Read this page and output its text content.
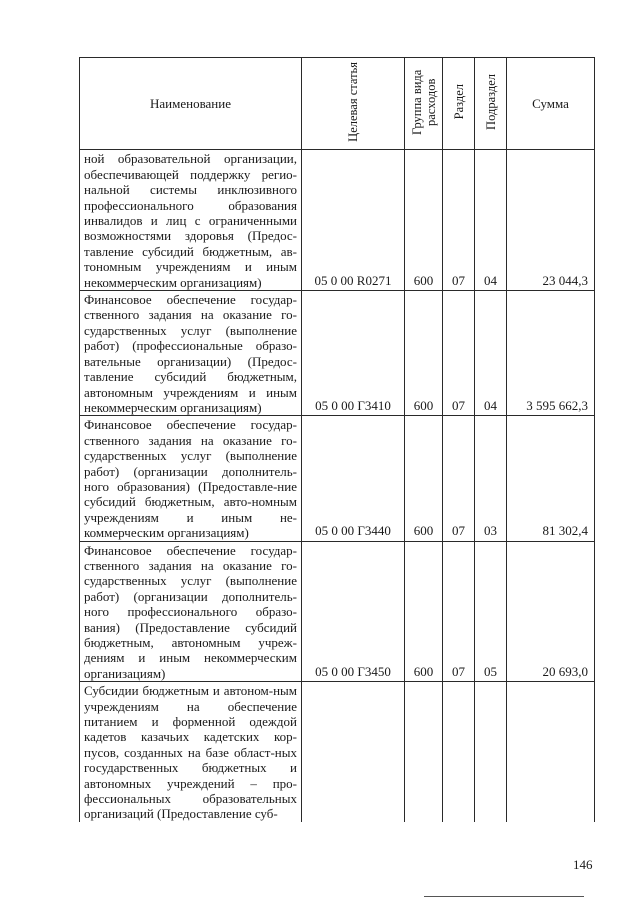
Наименование	Целевая статья	Группа вида расходов	Раздел	Подраздел	Сумма

ной образовательной организации, обеспечивающей поддержку регио-нальной системы инклюзивного профессионального образования инвалидов и лиц с ограниченными возможностями здоровья (Предос-тавление субсидий бюджетным, ав-тономным учреждениям и иным некоммерческим организациям)	05 0 00 R0271	600	07	04	23 044,3

Финансовое обеспечение государ-ственного задания на оказание го-сударственных услуг (выполнение работ) (профессиональные образо-вательные организации) (Предос-тавление субсидий бюджетным, автономным учреждениям и иным некоммерческим организациям)	05 0 00 Г3410	600	07	04	3 595 662,3

Финансовое обеспечение государ-ственного задания на оказание го-сударственных услуг (выполнение работ) (организации дополнитель-ного образования) (Предоставле-ние субсидий бюджетным, авто-номным учреждениям и иным не-коммерческим организациям)	05 0 00 Г3440	600	07	03	81 302,4

Финансовое обеспечение государ-ственного задания на оказание го-сударственных услуг (выполнение работ) (организации дополнитель-ного профессионального образо-вания) (Предоставление субсидий бюджетным, автономным учреж-дениям и иным некоммерческим организациям)	05 0 00 Г3450	600	07	05	20 693,0

Субсидии бюджетным и автоном-ным учреждениям на обеспечение питанием и форменной одеждой кадетов казачьих кадетских кор-пусов, созданных на базе област-ных государственных бюджетных и автономных учреждений – про-фессиональных образовательных организаций (Предоставление суб-					

146
